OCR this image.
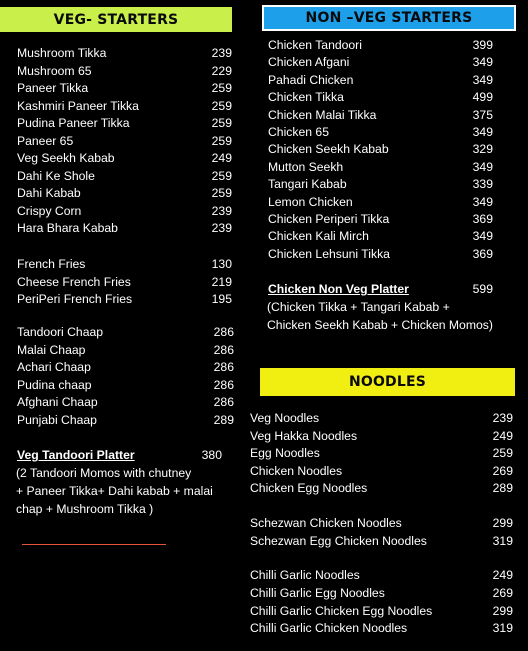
VEG- STARTERS	NON –VEG STARTERS
NOODLES
Mushroom Tikka	239
Mushroom 65	229
Paneer Tikka	259
Kashmiri Paneer Tikka	259
Pudina Paneer Tikka	259
Paneer 65	259
Veg Seekh Kabab	249
Dahi Ke Shole	259
Dahi Kabab	259
Crispy Corn	239
Hara Bhara Kabab	239
French Fries	130
Cheese French Fries	219
PeriPeri French Fries	195
Tandoori Chaap	286
Malai Chaap	286
Achari Chaap	286
Pudina chaap	286
Afghani Chaap	286
Punjabi Chaap	289
Veg Tandoori Platter	380
(2 Tandoori Momos with chutney
+ Paneer Tikka+ Dahi kabab + malai
chap + Mushroom Tikka )
Chicken Tandoori	399
Chicken Afgani	349
Pahadi Chicken	349
Chicken Tikka	499
Chicken Malai Tikka	375
Chicken 65	349
Chicken Seekh Kabab	329
Mutton Seekh	349
Tangari Kabab	339
Lemon Chicken	349
Chicken Periperi Tikka	369
Chicken Kali Mirch	349
Chicken Lehsuni Tikka	369
Chicken Non Veg Platter	599
(Chicken Tikka + Tangari Kabab +
Chicken Seekh Kabab + Chicken Momos)
Veg Noodles	239
Veg Hakka Noodles	249
Egg Noodles	259
Chicken Noodles	269
Chicken Egg Noodles	289
Schezwan Chicken Noodles	299
Schezwan Egg Chicken Noodles	319
Chilli Garlic Noodles	249
Chilli Garlic Egg Noodles	269
Chilli Garlic Chicken Egg Noodles	299
Chilli Garlic Chicken Noodles	319
